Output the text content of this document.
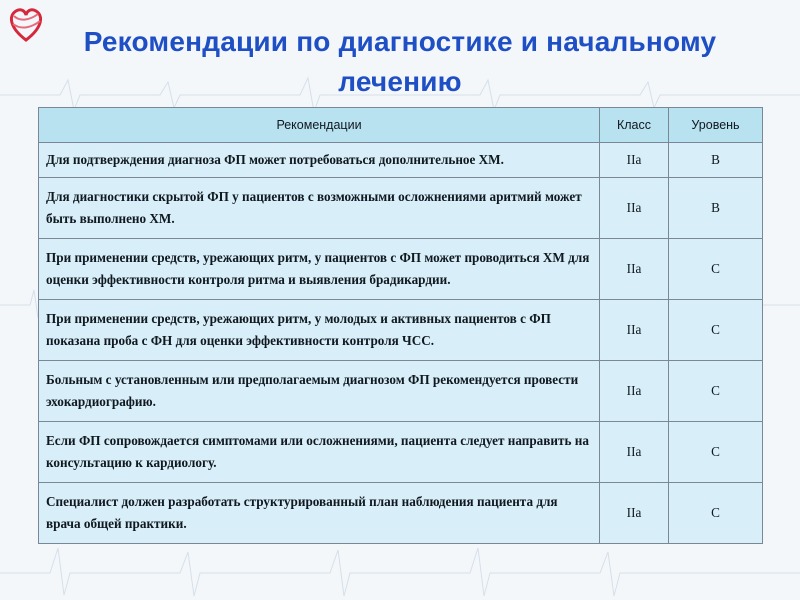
Рекомендации по диагностике и начальному лечению
Рекомендации	Класс	Уровень
Для подтверждения диагноза ФП может потребоваться дополнительное ХМ.	IIa	B
Для диагностики скрытой ФП у пациентов с возможными осложнениями аритмий может быть выполнено ХМ.	IIa	B
При применении средств, урежающих ритм, у пациентов с ФП может проводиться ХМ для оценки эффективности контроля ритма и выявления брадикардии.	IIa	C
При применении средств, урежающих ритм, у молодых и активных пациентов с ФП показана проба с ФН для оценки эффективности контроля ЧСС.	IIa	C
Больным с установленным или предполагаемым диагнозом ФП рекомендуется провести эхокардиографию.	IIa	C
Если ФП сопровождается симптомами или осложнениями, пациента следует направить на консультацию к кардиологу.	IIa	C
Специалист должен разработать структурированный план наблюдения пациента для врача общей практики.	IIa	C
